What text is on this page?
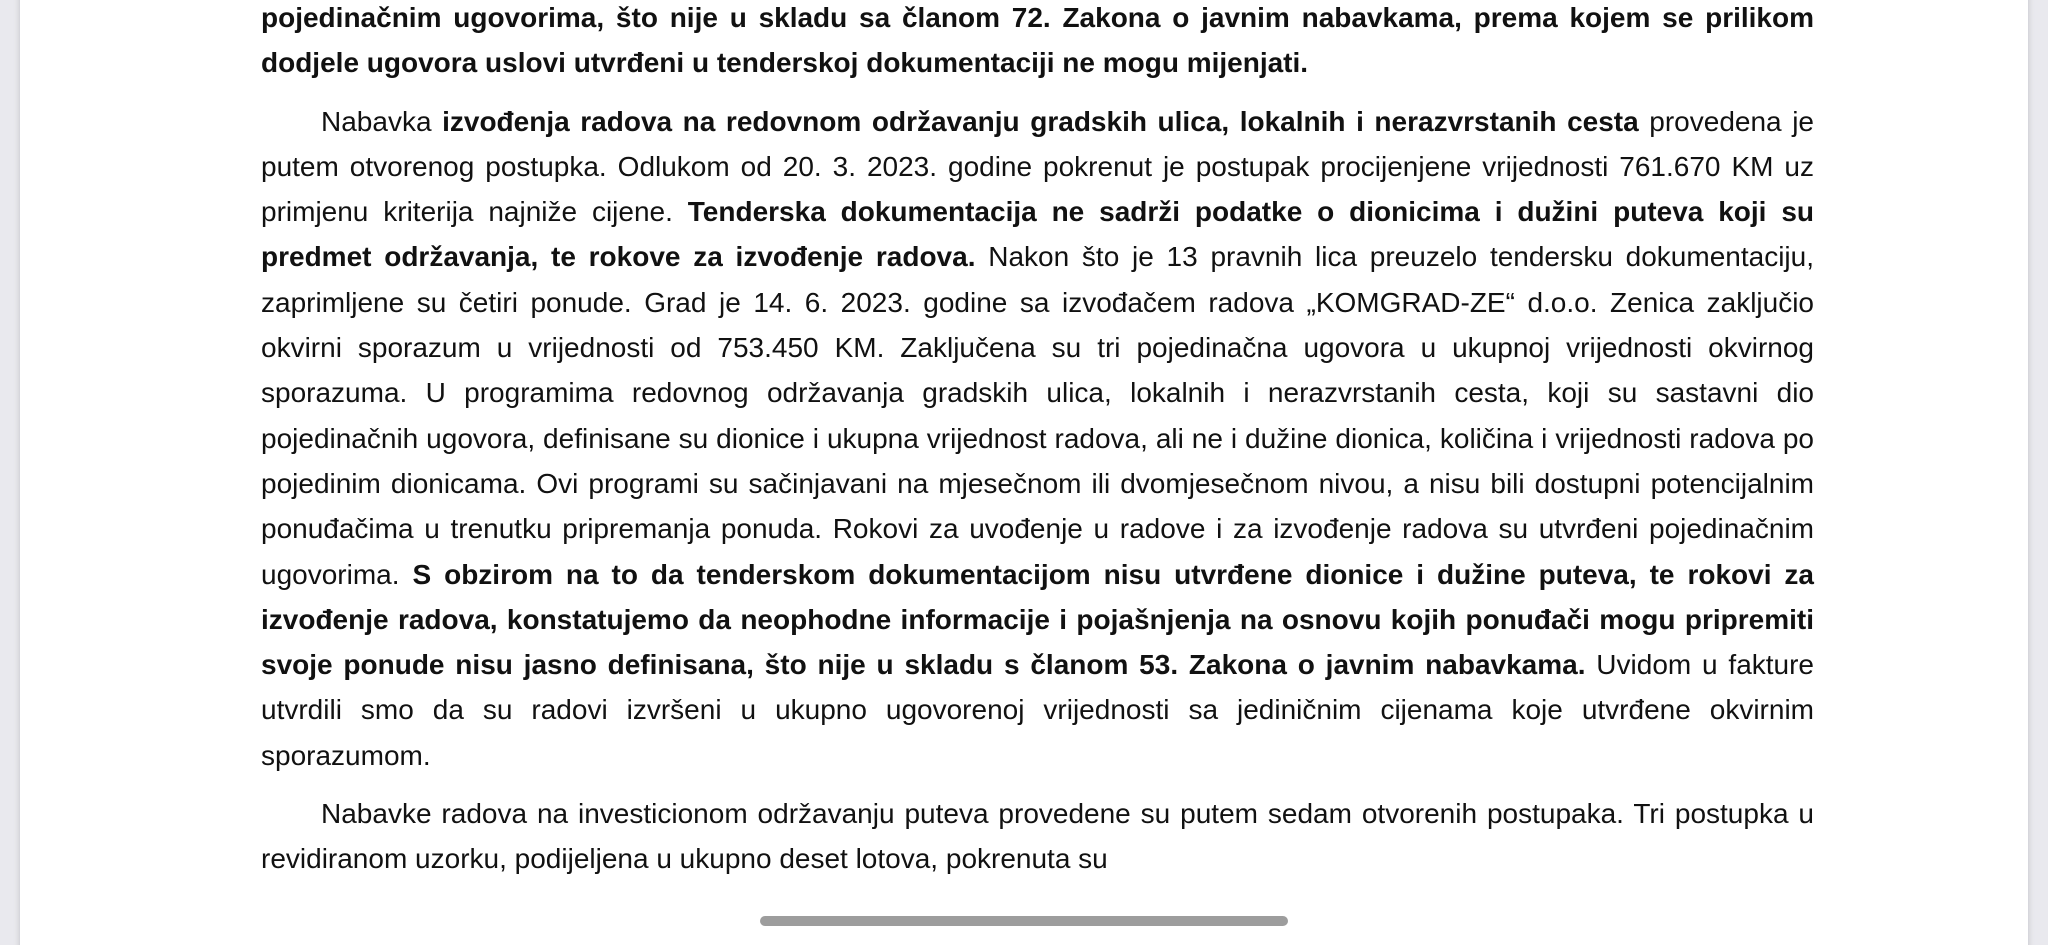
pojedinačnim ugovorima, što nije u skladu sa članom 72. Zakona o javnim nabavkama, prema kojem se prilikom dodjele ugovora uslovi utvrđeni u tenderskoj dokumentaciji ne mogu mijenjati.

Nabavka izvođenja radova na redovnom održavanju gradskih ulica, lokalnih i nerazvrstanih cesta provedena je putem otvorenog postupka. Odlukom od 20. 3. 2023. godine pokrenut je postupak procijenjene vrijednosti 761.670 KM uz primjenu kriterija najniže cijene. Tenderska dokumentacija ne sadrži podatke o dionicima i dužini puteva koji su predmet održavanja, te rokove za izvođenje radova. Nakon što je 13 pravnih lica preuzelo tendersku dokumentaciju, zaprimljene su četiri ponude. Grad je 14. 6. 2023. godine sa izvođačem radova „KOMGRAD-ZE“ d.o.o. Zenica zaključio okvirni sporazum u vrijednosti od 753.450 KM. Zaključena su tri pojedinačna ugovora u ukupnoj vrijednosti okvirnog sporazuma. U programima redovnog održavanja gradskih ulica, lokalnih i nerazvrstanih cesta, koji su sastavni dio pojedinačnih ugovora, definisane su dionice i ukupna vrijednost radova, ali ne i dužine dionica, količina i vrijednosti radova po pojedinim dionicama. Ovi programi su sačinjavani na mjesečnom ili dvomjesečnom nivou, a nisu bili dostupni potencijalnim ponuđačima u trenutku pripremanja ponuda. Rokovi za uvođenje u radove i za izvođenje radova su utvrđeni pojedinačnim ugovorima. S obzirom na to da tenderskom dokumentacijom nisu utvrđene dionice i dužine puteva, te rokovi za izvođenje radova, konstatujemo da neophodne informacije i pojašnjenja na osnovu kojih ponuđači mogu pripremiti svoje ponude nisu jasno definisana, što nije u skladu s članom 53. Zakona o javnim nabavkama. Uvidom u fakture utvrdili smo da su radovi izvršeni u ukupno ugovorenoj vrijednosti sa jediničnim cijenama koje utvrđene okvirnim sporazumom.

Nabavke radova na investicionom održavanju puteva provedene su putem sedam otvorenih postupaka. Tri postupka u revidiranom uzorku, podijeljena u ukupno deset lotova, pokrenuta su
